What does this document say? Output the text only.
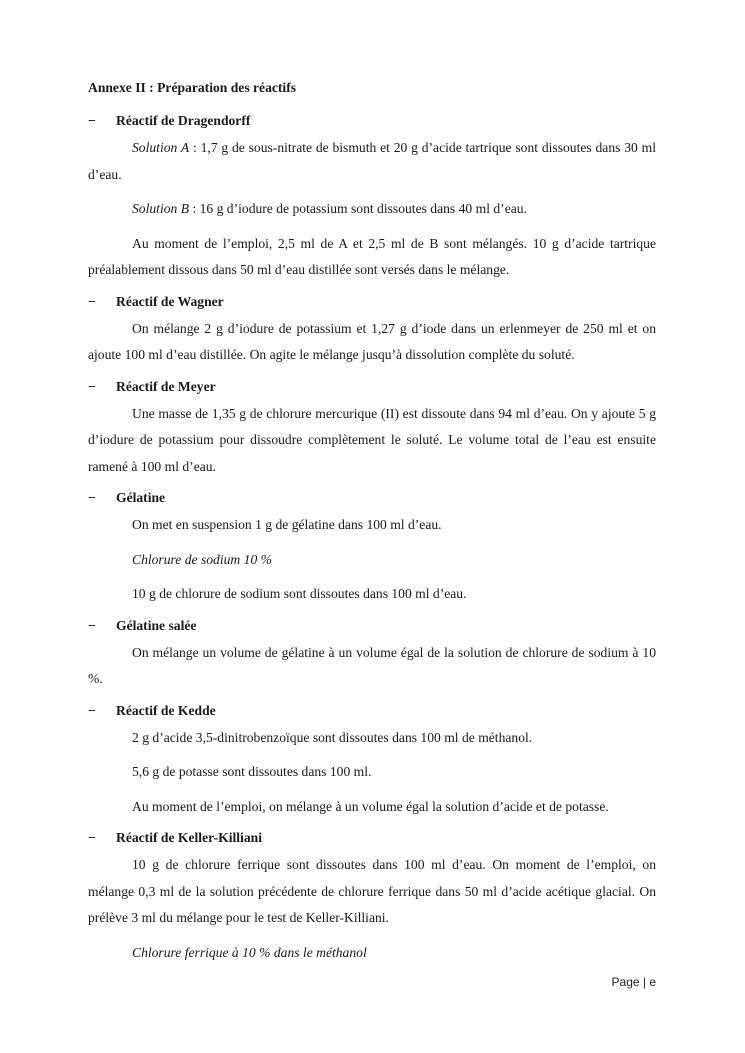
Annexe II : Préparation des réactifs
−	Réactif de Dragendorff

Solution A : 1,7 g de sous-nitrate de bismuth et 20 g d’acide tartrique sont dissoutes dans 30 ml d’eau.

Solution B : 16 g d’iodure de potassium sont dissoutes dans 40 ml d’eau.

Au moment de l’emploi, 2,5 ml de A et 2,5 ml de B sont mélangés. 10 g d’acide tartrique préalablement dissous dans 50 ml d’eau distillée sont versés dans le mélange.

−	Réactif de Wagner

On mélange 2 g d’iodure de potassium et 1,27 g d’iode dans un erlenmeyer de 250 ml et on ajoute 100 ml d’eau distillée. On agite le mélange jusqu’à dissolution complète du soluté.

−	Réactif de Meyer

Une masse de 1,35 g de chlorure mercurique (II) est dissoute dans 94 ml d’eau. On y ajoute 5 g d’iodure de potassium pour dissoudre complètement le soluté. Le volume total de l’eau est ensuite ramené à 100 ml d’eau.

−	Gélatine

On met en suspension 1 g de gélatine dans 100 ml d’eau.

Chlorure de sodium 10 %

10 g de chlorure de sodium sont dissoutes dans 100 ml d’eau.

−	Gélatine salée

On mélange un volume de gélatine à un volume égal de la solution de chlorure de sodium à 10 %.

−	Réactif de Kedde

2 g d’acide 3,5-dinitrobenzoïque sont dissoutes dans 100 ml de méthanol.

5,6 g de potasse sont dissoutes dans 100 ml.

Au moment de l’emploi, on mélange à un volume égal la solution d’acide et de potasse.

−	Réactif de Keller-Killiani

10 g de chlorure ferrique sont dissoutes dans 100 ml d’eau. On moment de l’emploi, on mélange 0,3 ml de la solution précédente de chlorure ferrique dans 50 ml d’acide acétique glacial. On prélève 3 ml du mélange pour le test de Keller-Killiani.

Chlorure ferrique à 10 % dans le méthanol

Page | e
